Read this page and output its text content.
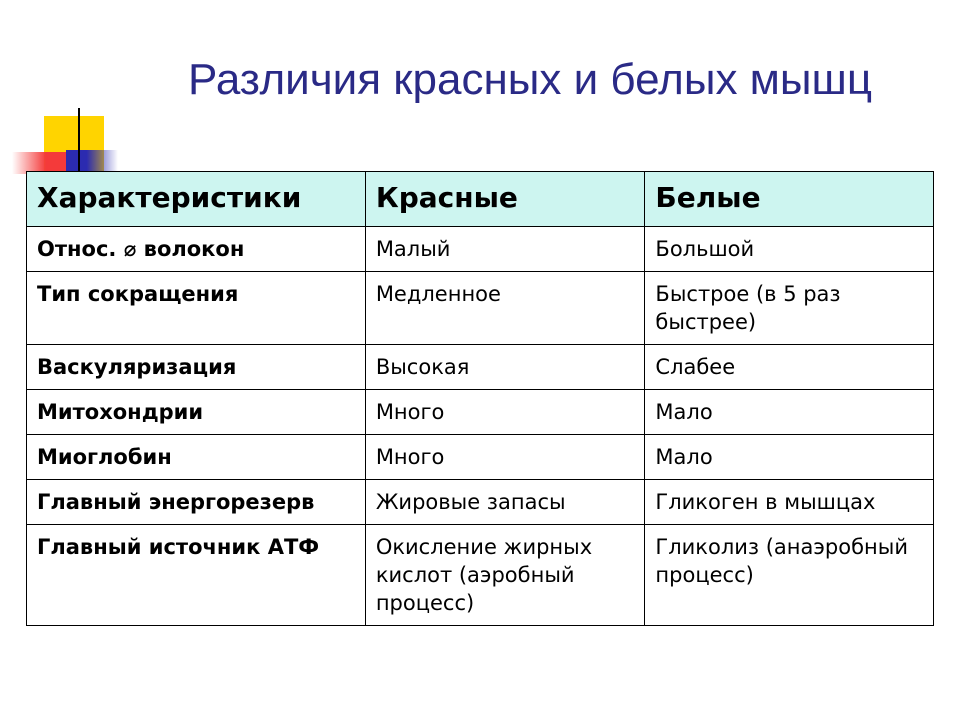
Различия красных и белых мышц
Характеристики	Красные	Белые
Относ. ⌀ волокон	Малый	Большой
Тип сокращения	Медленное	Быстрое (в 5 раз быстрее)
Васкуляризация	Высокая	Слабее
Митохондрии	Много	Мало
Миоглобин	Много	Мало
Главный энергорезерв	Жировые запасы	Гликоген в мышцах
Главный источник АТФ	Окисление жирных кислот (аэробный процесс)	Гликолиз (анаэробный процесс)
